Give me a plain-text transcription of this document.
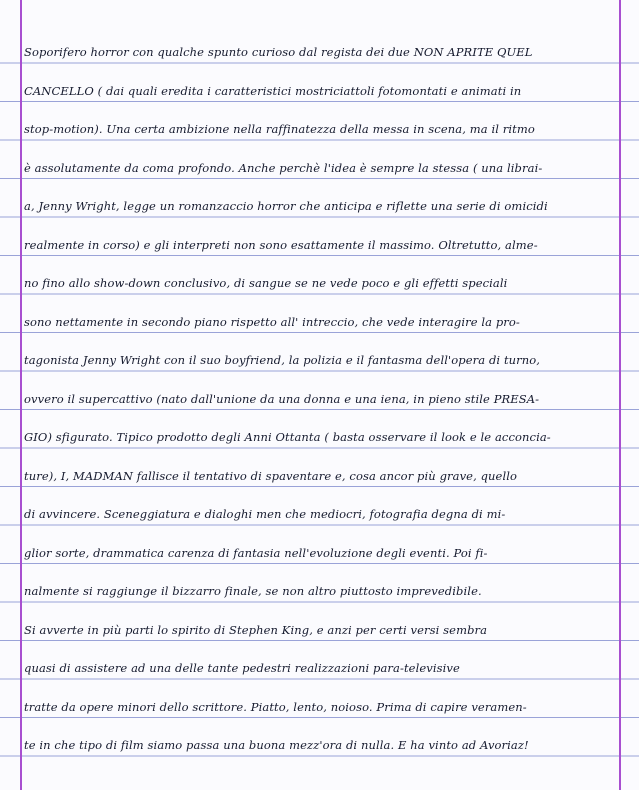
Soporifero horror con qualche spunto curioso dal regista dei due NON APRITE QUEL
CANCELLO ( dai quali eredita i caratteristici mostriciattoli fotomontati e animati in
stop-motion). Una certa ambizione nella raffinatezza della messa in scena, ma il ritmo
è assolutamente da coma profondo. Anche perchè l'idea è sempre la stessa ( una librai-
a, Jenny Wright, legge un romanzaccio horror che anticipa e riflette una serie di omicidi
realmente in corso) e gli interpreti non sono esattamente il massimo. Oltretutto, alme-
no fino allo show-down conclusivo, di sangue se ne vede poco e gli effetti speciali
sono nettamente in secondo piano rispetto all' intreccio, che vede interagire la pro-
tagonista Jenny Wright con il suo boyfriend, la polizia e il fantasma dell'opera di turno,
ovvero il supercattivo (nato dall'unione da una donna e una iena, in pieno stile PRESA-
GIO) sfigurato. Tipico prodotto degli Anni Ottanta ( basta osservare il look e le acconcia-
ture), I, MADMAN fallisce il tentativo di spaventare e, cosa ancor più grave, quello
di avvincere. Sceneggiatura e dialoghi men che mediocri, fotografia degna di mi-
glior sorte, drammatica carenza di fantasia nell'evoluzione degli eventi. Poi fi-
nalmente si raggiunge il bizzarro finale, se non altro piuttosto imprevedibile.
Si avverte in più parti lo spirito di Stephen King, e anzi per certi versi sembra
quasi di assistere ad una delle tante pedestri realizzazioni para-televisive
tratte da opere minori dello scrittore. Piatto, lento, noioso. Prima di capire veramen-
te in che tipo di film siamo passa una buona mezz'ora di nulla. E ha vinto ad Avoriaz!
